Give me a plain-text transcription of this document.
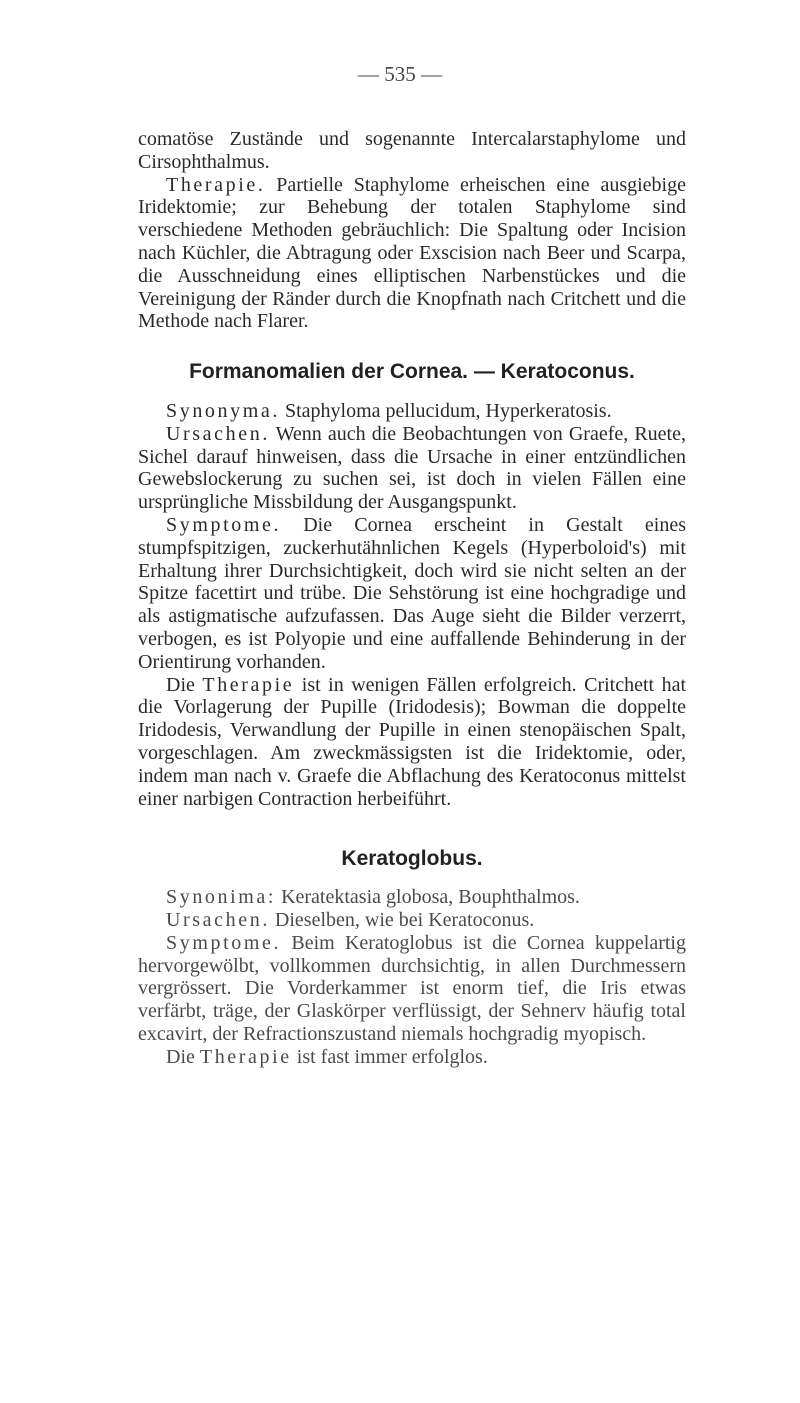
— 535 —

comatöse Zustände und sogenannte Intercalarstaphylome und Cirsophthalmus.

Therapie. Partielle Staphylome erheischen eine ausgiebige Iridektomie; zur Behebung der totalen Staphylome sind verschiedene Methoden gebräuchlich: Die Spaltung oder Incision nach Küchler, die Abtragung oder Exscision nach Beer und Scarpa, die Ausschneidung eines elliptischen Narbenstückes und die Vereinigung der Ränder durch die Knopfnath nach Critchett und die Methode nach Flarer.

Formanomalien der Cornea. — Keratoconus.

Synonyma. Staphyloma pellucidum, Hyperkeratosis.

Ursachen. Wenn auch die Beobachtungen von Graefe, Ruete, Sichel darauf hinweisen, dass die Ursache in einer entzündlichen Gewebslockerung zu suchen sei, ist doch in vielen Fällen eine ursprüngliche Missbildung der Ausgangspunkt.

Symptome. Die Cornea erscheint in Gestalt eines stumpfspitzigen, zuckerhutähnlichen Kegels (Hyperboloid's) mit Erhaltung ihrer Durchsichtigkeit, doch wird sie nicht selten an der Spitze facettirt und trübe. Die Sehstörung ist eine hochgradige und als astigmatische aufzufassen. Das Auge sieht die Bilder verzerrt, verbogen, es ist Polyopie und eine auffallende Behinderung in der Orientirung vorhanden.

Die Therapie ist in wenigen Fällen erfolgreich. Critchett hat die Vorlagerung der Pupille (Iridodesis); Bowman die doppelte Iridodesis, Verwandlung der Pupille in einen stenopäischen Spalt, vorgeschlagen. Am zweckmässigsten ist die Iridektomie, oder, indem man nach v. Graefe die Abflachung des Keratoconus mittelst einer narbigen Contraction herbeiführt.

Keratoglobus.

Synonima: Keratektasia globosa, Bouphthalmos.

Ursachen. Dieselben, wie bei Keratoconus.

Symptome. Beim Keratoglobus ist die Cornea kuppelartig hervorgewölbt, vollkommen durchsichtig, in allen Durchmessern vergrössert. Die Vorderkammer ist enorm tief, die Iris etwas verfärbt, träge, der Glaskörper verflüssigt, der Sehnerv häufig total excavirt, der Refractionszustand niemals hochgradig myopisch.

Die Therapie ist fast immer erfolglos.
